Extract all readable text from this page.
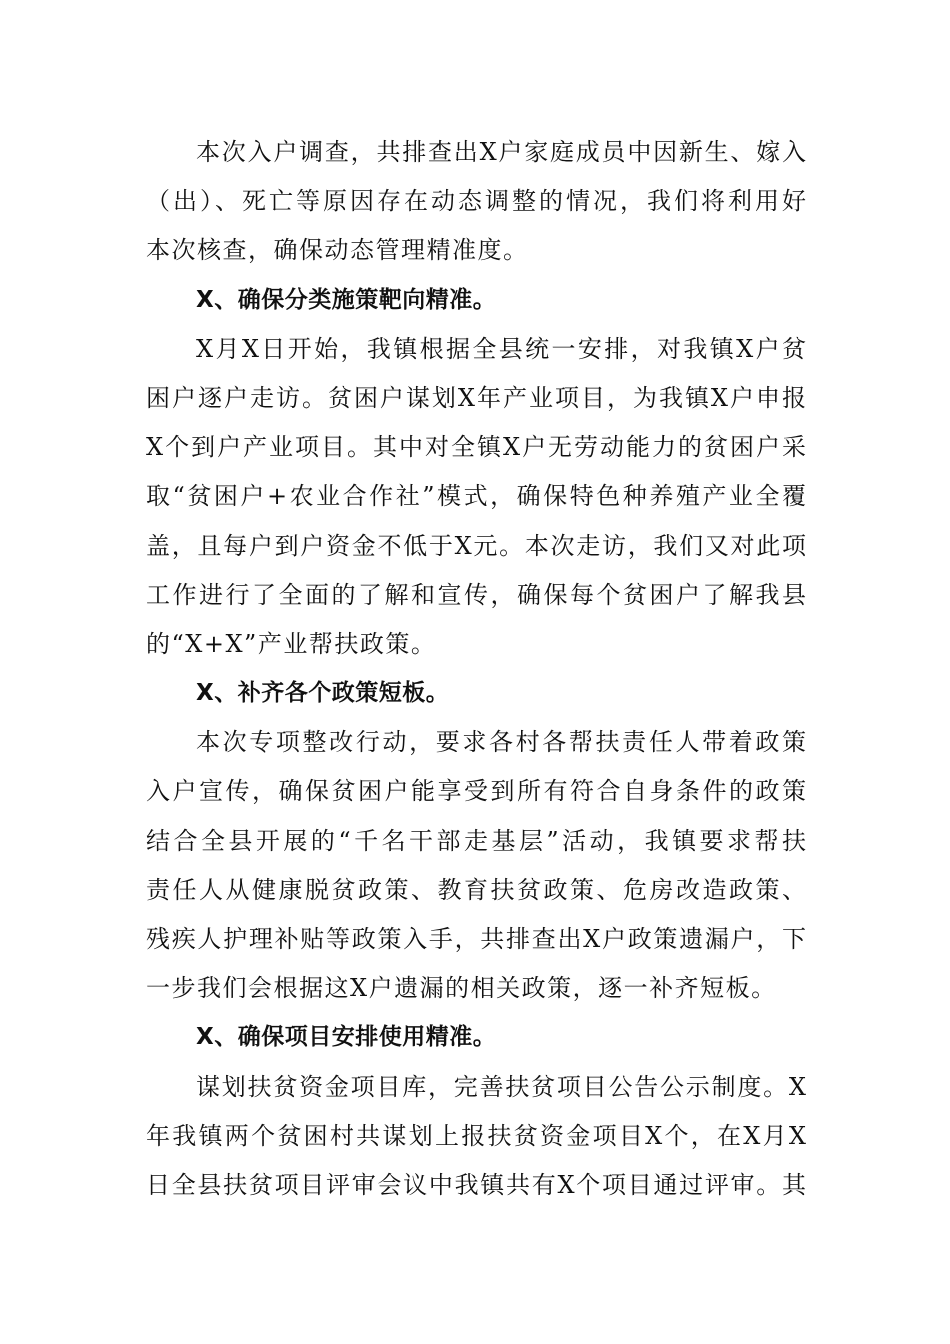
本次入户调查，共排查出X户家庭成员中因新生、嫁入
（出）、死亡等原因存在动态调整的情况，我们将利用好
本次核查，确保动态管理精准度。
X、确保分类施策靶向精准。
X月X日开始，我镇根据全县统一安排，对我镇X户贫
困户逐户走访。贫困户谋划X年产业项目，为我镇X户申报
X个到户产业项目。其中对全镇X户无劳动能力的贫困户采
取“贫困户+农业合作社”模式，确保特色种养殖产业全覆
盖，且每户到户资金不低于X元。本次走访，我们又对此项
工作进行了全面的了解和宣传，确保每个贫困户了解我县
的“X+X”产业帮扶政策。
X、补齐各个政策短板。
本次专项整改行动，要求各村各帮扶责任人带着政策
入户宣传，确保贫困户能享受到所有符合自身条件的政策
结合全县开展的“千名干部走基层”活动，我镇要求帮扶
责任人从健康脱贫政策、教育扶贫政策、危房改造政策、
残疾人护理补贴等政策入手，共排查出X户政策遗漏户，下
一步我们会根据这X户遗漏的相关政策，逐一补齐短板。
X、确保项目安排使用精准。
谋划扶贫资金项目库，完善扶贫项目公告公示制度。X
年我镇两个贫困村共谋划上报扶贫资金项目X个，在X月X
日全县扶贫项目评审会议中我镇共有X个项目通过评审。其
